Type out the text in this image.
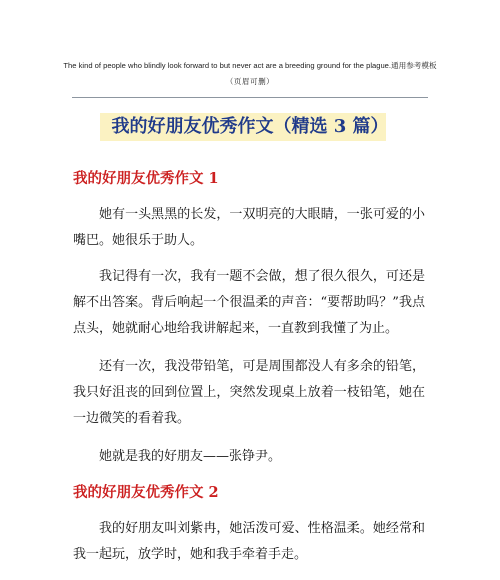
The kind of people who blindly look forward to but never act are a breeding ground for the plague.通用参考模板
（页眉可删）
我的好朋友优秀作文（精选 3 篇）
我的好朋友优秀作文 1

她有一头黑黑的长发，一双明亮的大眼睛，一张可爱的小嘴巴。她很乐于助人。

我记得有一次，我有一题不会做，想了很久很久，可还是解不出答案。背后响起一个很温柔的声音：“要帮助吗？”我点点头，她就耐心地给我讲解起来，一直教到我懂了为止。

还有一次，我没带铅笔，可是周围都没人有多余的铅笔，我只好沮丧的回到位置上，突然发现桌上放着一枝铅笔，她在一边微笑的看着我。

她就是我的好朋友——张铮尹。

我的好朋友优秀作文 2

我的好朋友叫刘紫冉，她活泼可爱、性格温柔。她经常和我一起玩，放学时，她和我手牵着手走。
